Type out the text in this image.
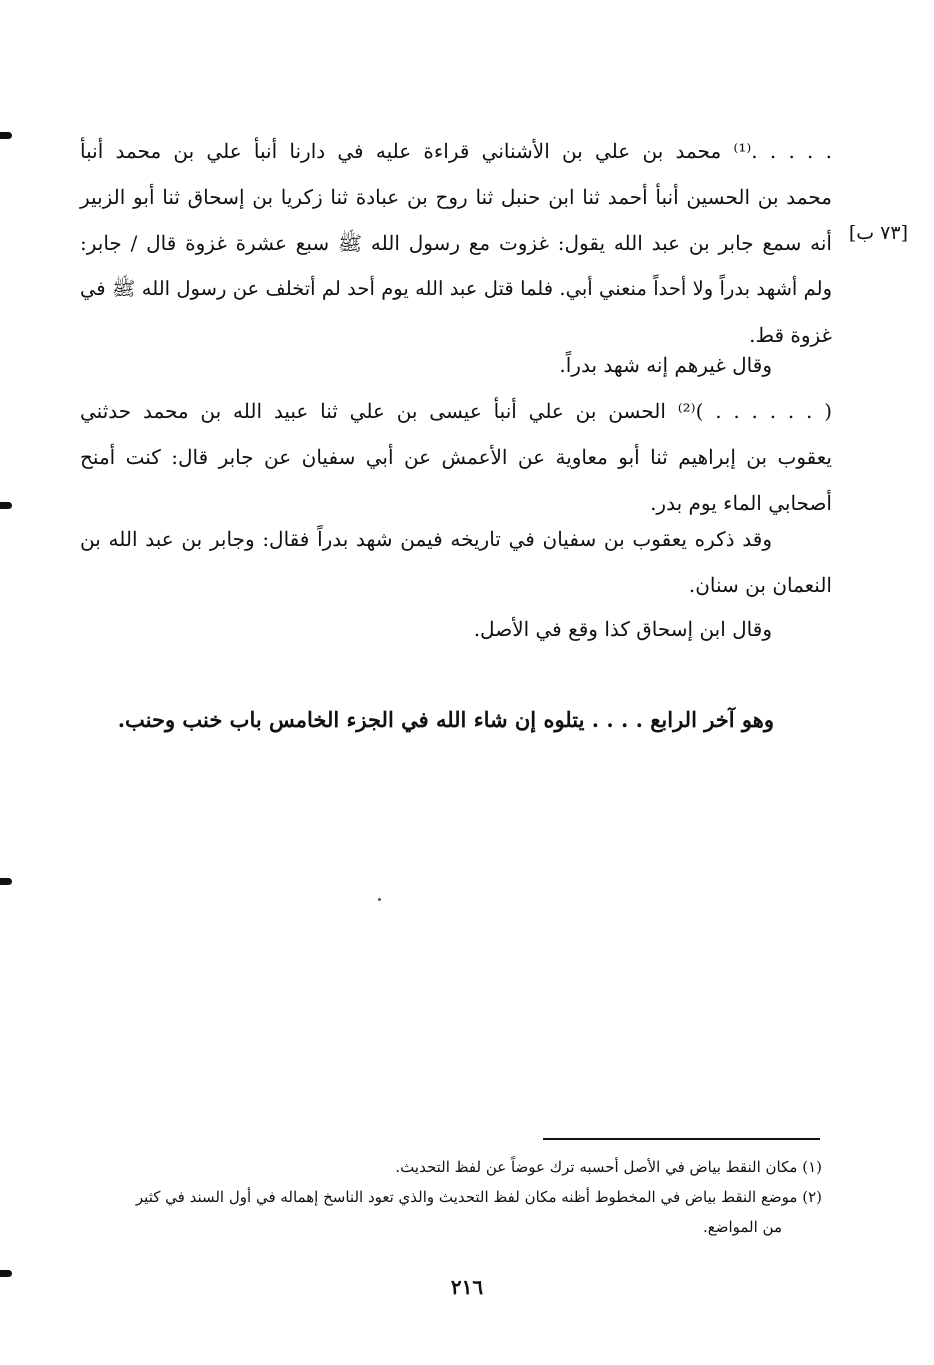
[٧٣ ب]
. . . . .⁽¹⁾ محمد بن علي بن الأشناني قراءة عليه في دارنا أنبأ علي بن محمد أنبأ
محمد بن الحسين أنبأ أحمد ثنا ابن حنبل ثنا روح بن عبادة ثنا زكريا بن إسحاق ثنا أبو الزبير
أنه سمع جابر بن عبد الله يقول: غزوت مع رسول الله ﷺ سبع عشرة غزوة قال / جابر:
ولم أشهد بدراً ولا أحداً منعني أبي. فلما قتل عبد الله يوم أحد لم أتخلف عن رسول الله ﷺ في
غزوة قط.
وقال غيرهم إنه شهد بدراً.
( . . . . . . )⁽²⁾ الحسن بن علي أنبأ عيسى بن علي ثنا عبيد الله بن محمد حدثني
يعقوب بن إبراهيم ثنا أبو معاوية عن الأعمش عن أبي سفيان عن جابر قال: كنت أمنح
أصحابي الماء يوم بدر.
وقد ذكره يعقوب بن سفيان في تاريخه فيمن شهد بدراً فقال: وجابر بن عبد الله بن
النعمان بن سنان.
وقال ابن إسحاق كذا وقع في الأصل.
وهو آخر الرابع . . . . يتلوه إن شاء الله في الجزء الخامس باب خنب وحنب.
(١) مكان النقط بياض في الأصل أحسبه ترك عوضاً عن لفظ التحديث.
(٢) موضع النقط بياض في المخطوط أظنه مكان لفظ التحديث والذي تعود الناسخ إهماله في أول السند في كثير
من المواضع.
٢١٦
